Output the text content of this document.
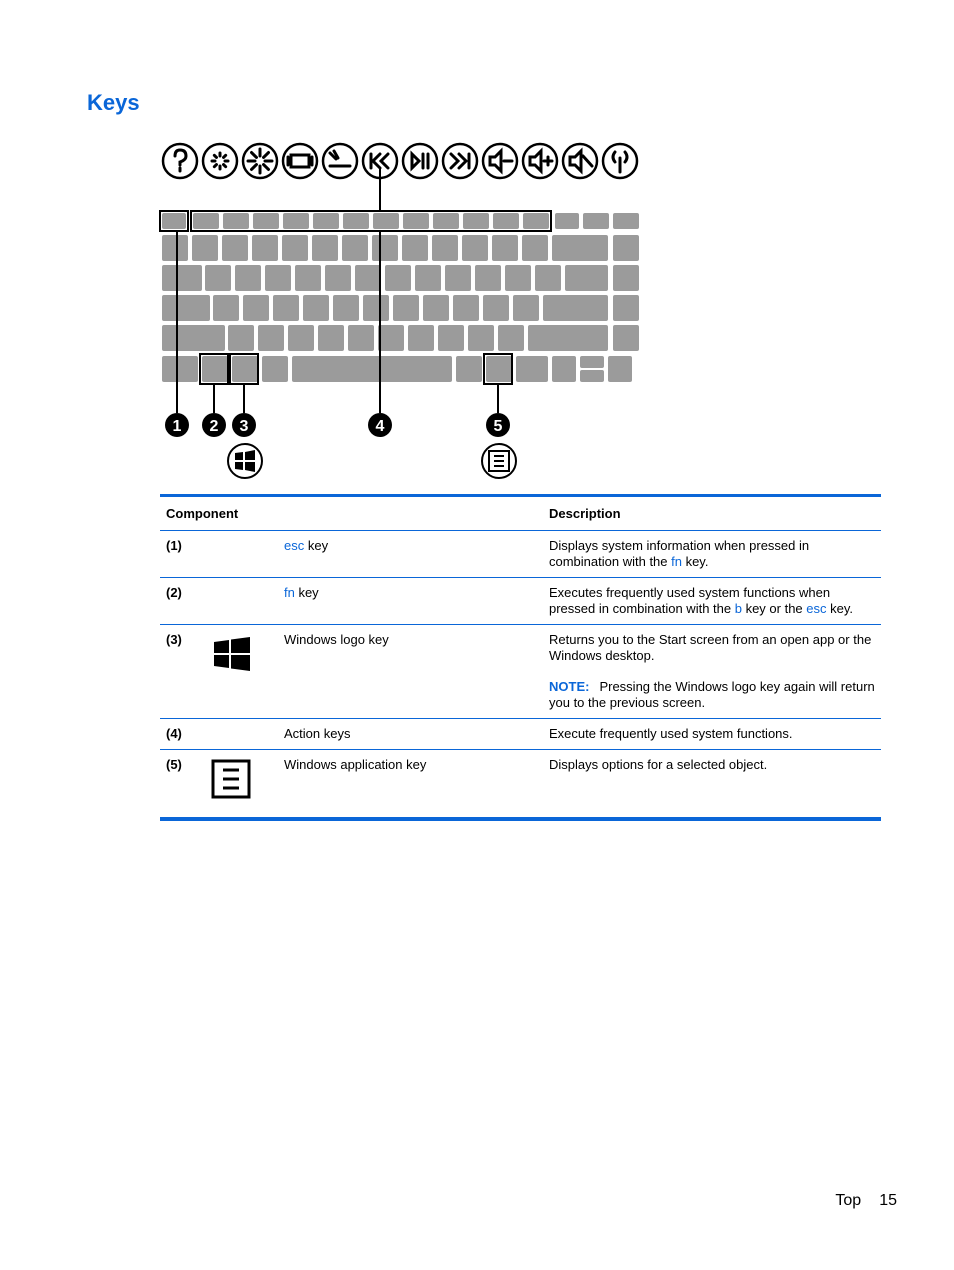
Keys
1 2 3	4	5
Component			Description
(1)		esc key	Displays system information when pressed in combination with the fn key.
(2)		fn key	Executes frequently used system functions when pressed in combination with the b key or the esc key.
(3)		Windows logo key	Returns you to the Start screen from an open app or the Windows desktop.
NOTE: Pressing the Windows logo key again will return you to the previous screen.

(4)		Action keys	Execute frequently used system functions.
(5)		Windows application key	Displays options for a selected object.
Top 15
